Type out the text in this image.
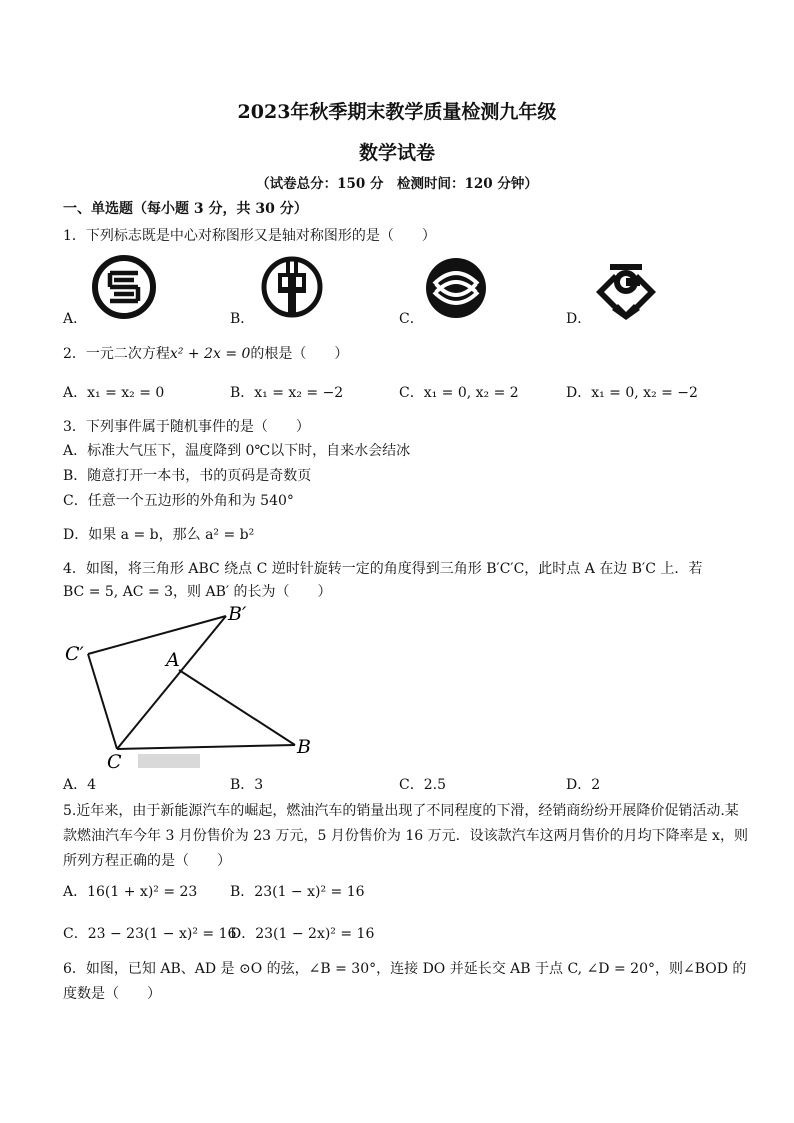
2023年秋季期末教学质量检测九年级
数学试卷
（试卷总分：150 分　检测时间：120 分钟）
一、单选题（每小题 3 分，共 30 分）
1．下列标志既是中心对称图形又是轴对称图形的是（　　）
A．	B．	C．	D．
2．一元二次方程x² + 2x = 0的根是（　　）
A．x₁ = x₂ = 0	B．x₁ = x₂ = −2	C．x₁ = 0, x₂ = 2	D．x₁ = 0, x₂ = −2
3．下列事件属于随机事件的是（　　）
A．标准大气压下，温度降到 0℃以下时，自来水会结冰
B．随意打开一本书，书的页码是奇数页
C．任意一个五边形的外角和为 540°
D．如果 a = b，那么 a² = b²
4．如图，将三角形 ABC 绕点 C 逆时针旋转一定的角度得到三角形 B′C′C，此时点 A 在边 B′C 上．若
BC = 5, AC = 3，则 AB′ 的长为（　　）
B′
C′	A
B
C
A．4	B．3	C．2.5	D．2
5.近年来，由于新能源汽车的崛起，燃油汽车的销量出现了不同程度的下滑，经销商纷纷开展降价促销活动.某
款燃油汽车今年 3 月份售价为 23 万元，5 月份售价为 16 万元．设该款汽车这两月售价的月均下降率是 x，则
所列方程正确的是（　　）
A．16(1 + x)² = 23 B．23(1 − x)² = 16
C．23 − 23(1 − x)² = 16
D．23(1 − 2x)² = 16
6．如图，已知 AB、AD 是 ⊙O 的弦，∠B = 30°，连接 DO 并延长交 AB 于点 C, ∠D = 20°，则∠BOD 的
度数是（　　）
